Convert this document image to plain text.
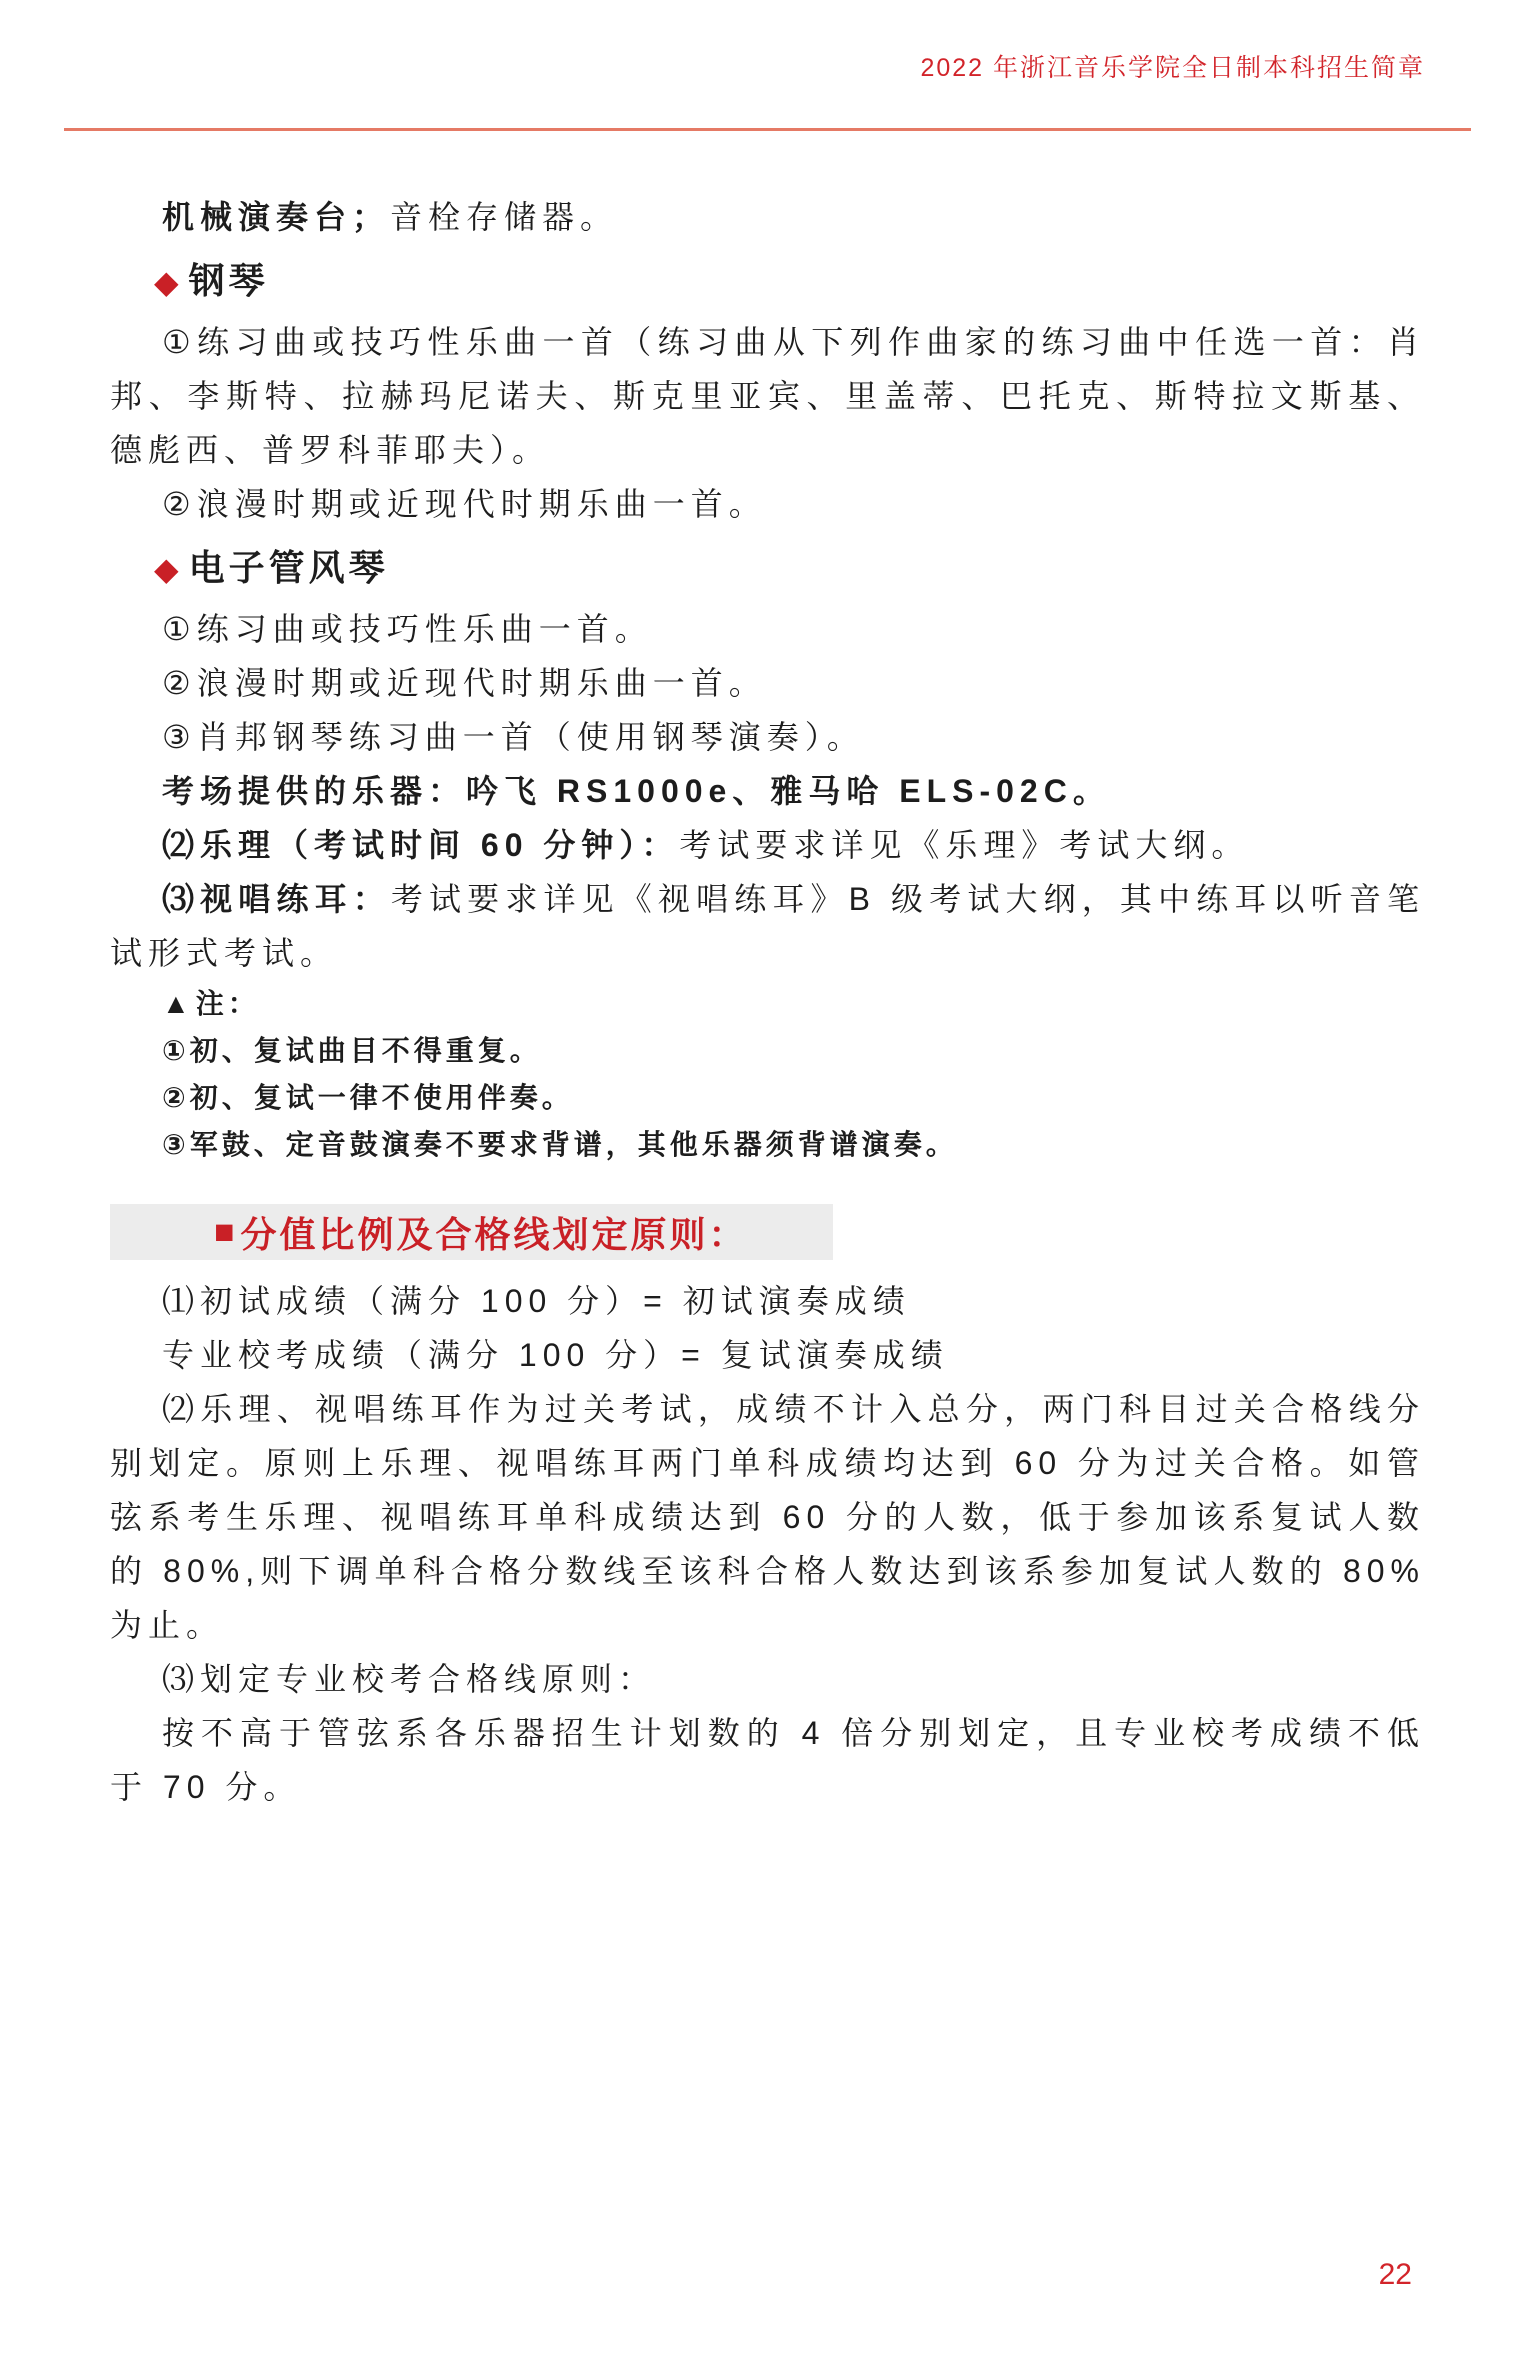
2022 年浙江音乐学院全日制本科招生简章

机械演奏台；音栓存储器。

◆ 钢琴

①练习曲或技巧性乐曲一首（练习曲从下列作曲家的练习曲中任选一首：肖邦、李斯特、拉赫玛尼诺夫、斯克里亚宾、里盖蒂、巴托克、斯特拉文斯基、德彪西、普罗科菲耶夫）。

②浪漫时期或近现代时期乐曲一首。

◆ 电子管风琴

①练习曲或技巧性乐曲一首。

②浪漫时期或近现代时期乐曲一首。

③肖邦钢琴练习曲一首（使用钢琴演奏）。

考场提供的乐器：吟飞 RS1000e、雅马哈 ELS-02C。

⑵乐理（考试时间 60 分钟）：考试要求详见《乐理》考试大纲。

⑶视唱练耳：考试要求详见《视唱练耳》B 级考试大纲，其中练耳以听音笔试形式考试。

▲注：

①初、复试曲目不得重复。

②初、复试一律不使用伴奏。

③军鼓、定音鼓演奏不要求背谱，其他乐器须背谱演奏。

■ 分值比例及合格线划定原则：

⑴初试成绩（满分 100 分）= 初试演奏成绩

专业校考成绩（满分 100 分）= 复试演奏成绩

⑵乐理、视唱练耳作为过关考试，成绩不计入总分，两门科目过关合格线分别划定。原则上乐理、视唱练耳两门单科成绩均达到 60 分为过关合格。如管弦系考生乐理、视唱练耳单科成绩达到 60 分的人数，低于参加该系复试人数的 80%,则下调单科合格分数线至该科合格人数达到该系参加复试人数的 80% 为止。

⑶划定专业校考合格线原则：

按不高于管弦系各乐器招生计划数的 4 倍分别划定，且专业校考成绩不低于 70 分。

22
